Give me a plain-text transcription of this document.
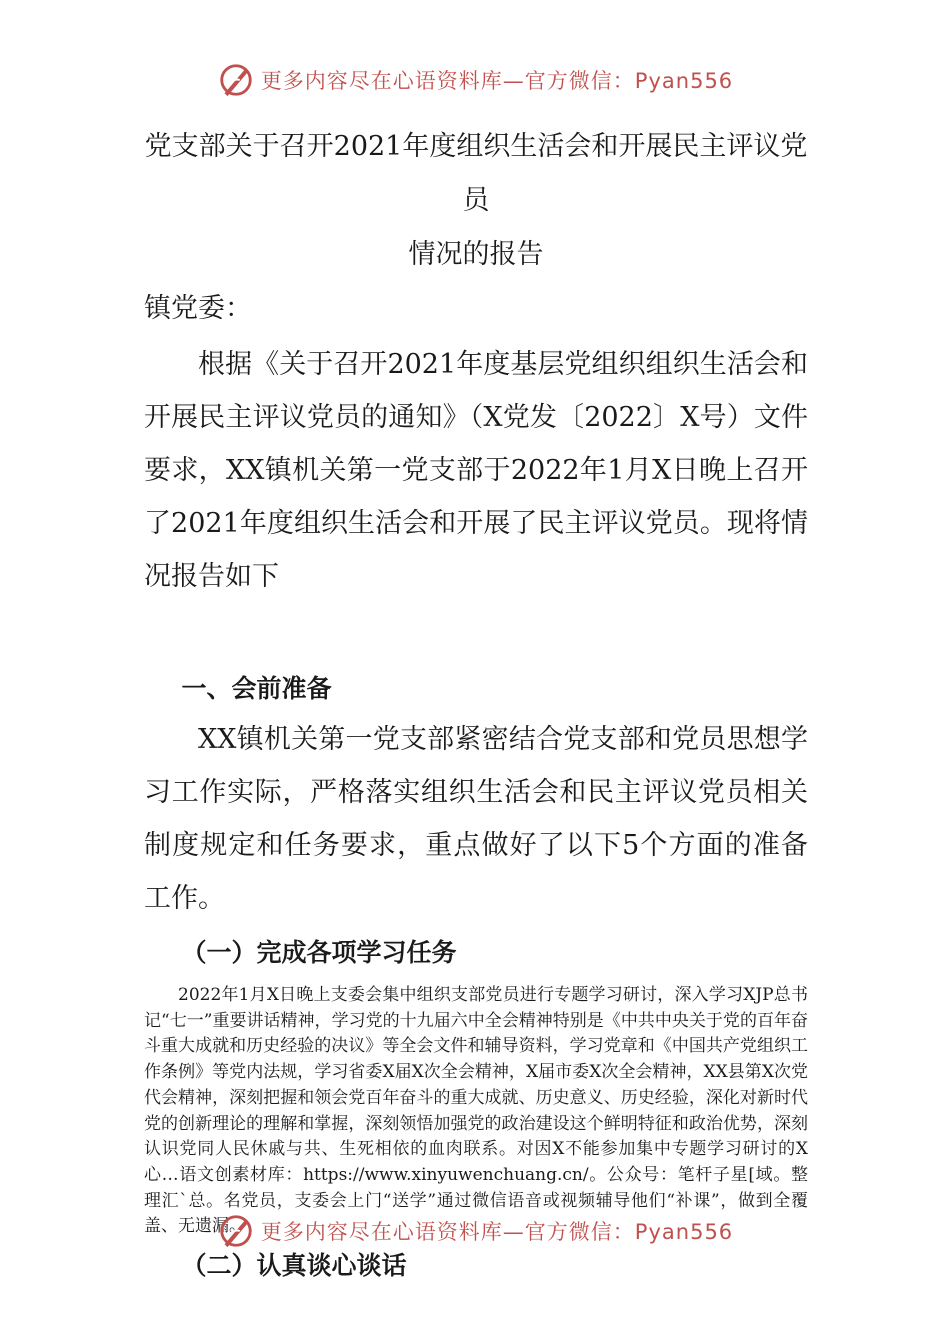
更多内容尽在心语资料库—官方微信：Pyan556
党支部关于召开2021年度组织生活会和开展民主评议党员
情况的报告

镇党委：

根据《关于召开2021年度基层党组织组织生活会和开展民主评议党员的通知》（X党发〔2022〕X号）文件要求，XX镇机关第一党支部于2022年1月X日晚上召开了2021年度组织生活会和开展了民主评议党员。现将情况报告如下

一、会前准备

XX镇机关第一党支部紧密结合党支部和党员思想学习工作实际，严格落实组织生活会和民主评议党员相关制度规定和任务要求，重点做好了以下5个方面的准备工作。

（一）完成各项学习任务

2022年1月X日晚上支委会集中组织支部党员进行专题学习研讨，深入学习XJP总书记“七一”重要讲话精神，学习党的十九届六中全会精神特别是《中共中央关于党的百年奋斗重大成就和历史经验的决议》等全会文件和辅导资料，学习党章和《中国共产党组织工作条例》等党内法规，学习省委X届X次全会精神，X届市委X次全会精神，XX县第X次党代会精神，深刻把握和领会党百年奋斗的重大成就、历史意义、历史经验，深化对新时代党的创新理论的理解和掌握，深刻领悟加强党的政治建设这个鲜明特征和政治优势，深刻认识党同人民休戚与共、生死相依的血肉联系。对因X不能参加集中专题学习研讨的X心…语文创素材库：https://www.xinyuwenchuang.cn/。公众号：笔杆子星[域。整理汇`总。名党员，支委会上门“送学”通过微信语音或视频辅导他们“补课”，做到全覆盖、无遗漏。

（二）认真谈心谈话
更多内容尽在心语资料库—官方微信：Pyan556
